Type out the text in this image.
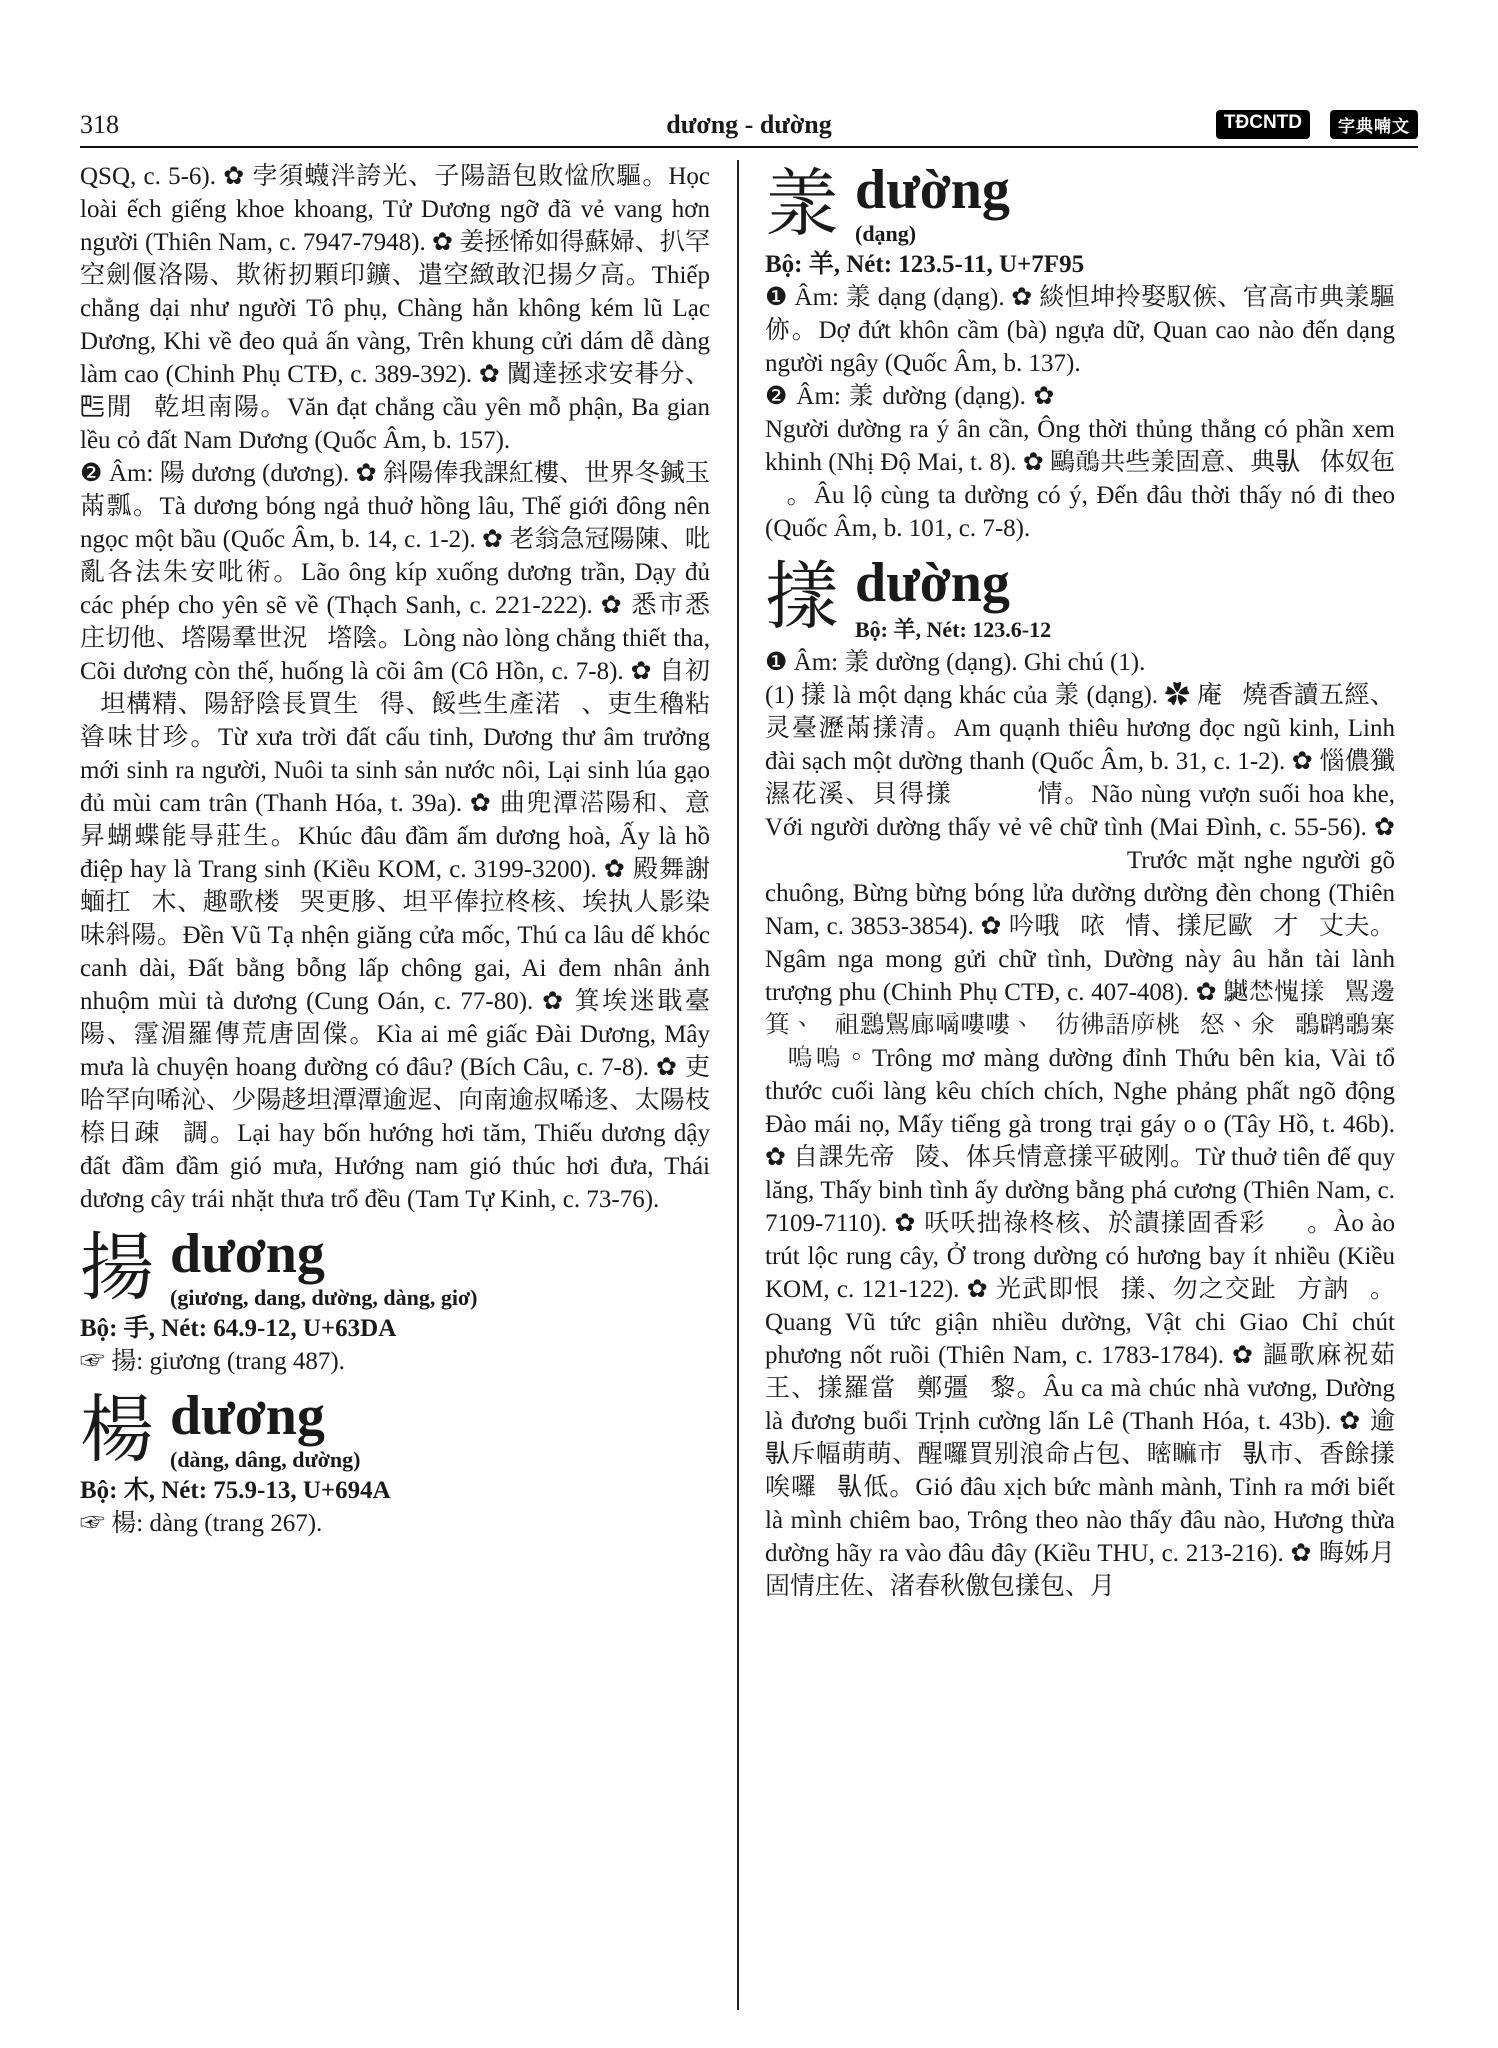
318	dương - dường	TĐCNTD	字典喃文

QSQ, c. 5-6). ✿ 孛須蠛泮誇光、子陽語包敗𢞂欣驅。Học loài ếch giếng khoe khoang, Tử Dương ngỡ đã vẻ vang hơn người (Thiên Nam, c. 7947-7948). ✿ 姜拯悕如得蘇婦、扒罕空劍偃洛陽、欺術扨顆印鑛、遣空緻敢氾揚夕高。Thiếp chẳng dại như người Tô phụ, Chàng hẳn không kém lũ Lạc Dương, Khi về đeo quả ấn vàng, Trên khung cửi dám dễ dàng làm cao (Chinh Phụ CTĐ, c. 389-392). ✿ 闐達拯求安朞分、𠀧閒𠓨乾坦南陽。Văn đạt chẳng cầu yên mỗ phận, Ba gian lều cỏ đất Nam Dương (Quốc Âm, b. 157).

❷ Âm: 陽 dương (dương). ✿ 斜陽俸我課紅樓、世界冬鍼玉㒼瓢。Tà dương bóng ngả thuở hồng lâu, Thế giới đông nên ngọc một bầu (Quốc Âm, b. 14, c. 1-2). ✿ 老翁急冠陽陳、吡亂各法朱安吡術。Lão ông kíp xuống dương trần, Dạy đủ các phép cho yên sẽ về (Thạch Sanh, c. 221-222). ✿ 悉市悉庄切他、㙮陽羣世況𢬣㙮陰。Lòng nào lòng chẳng thiết tha, Cõi dương còn thế, huống là cõi âm (Cô Hồn, c. 7-8). ✿ 自初𡗶坦構精、陽舒陰長買生𠊛得、餒些生產渃𤀛、吏生穭粘㽏味甘珍。Từ xưa trời đất cấu tinh, Dương thư âm trưởng mới sinh ra người, Nuôi ta sinh sản nước nôi, Lại sinh lúa gạo đủ mùi cam trân (Thanh Hóa, t. 39a). ✿ 曲兜潭𣹓陽和、意昇蝴蝶能㝵莊生。Khúc đâu đầm ấm dương hoà, Ấy là hồ điệp hay là Trang sinh (Kiều KOM, c. 3199-3200). ✿ 殿舞謝蝒扛𦛌木、趣歌楼𦂾哭更䏧、坦平俸拉柊核、埃执人影染味斜陽。Đền Vũ Tạ nhện giăng cửa mốc, Thú ca lâu dế khóc canh dài, Đất bằng bỗng lấp chông gai, Ai đem nhân ảnh nhuộm mùi tà dương (Cung Oán, c. 77-80). ✿ 箕埃迷戢臺陽、霪湄羅傳荒唐固㒉。Kìa ai mê giấc Đài Dương, Mây mưa là chuyện hoang đường có đâu? (Bích Câu, c. 7-8). ✿ 吏哈罕向唏沁、少陽趍坦潭潭逾迡、向南逾叔唏迻、太陽枝㮈日疎𣛨調。Lại hay bốn hướng hơi tăm, Thiếu dương dậy đất đầm đầm gió mưa, Hướng nam gió thúc hơi đưa, Thái dương cây trái nhặt thưa trổ đều (Tam Tự Kinh, c. 73-76).

揚 dương
(giương, dang, dường, dàng, giơ)

Bộ: 手, Nét: 64.9-12, U+63DA

☞ 揚: giương (trang 487).

楊 dương
(dàng, dâng, dường)

Bộ: 木, Nét: 75.9-13, U+694A

☞ 楊: dàng (trang 267).

羕 dường
(dạng)

Bộ: 羊, Nét: 123.5-11, U+7F95

❶ Âm: 羕 dạng (dạng). ✿ 緂怛坤拎娶馭㑵、官高市典羕驅㑊。Dợ đứt khôn cầm (bà) ngựa dữ, Quan cao nào đến dạng người ngây (Quốc Âm, b. 137).

❷ Âm: 羕 dường (dạng). ✿ 𢬣羕𩪽意殷勤、翁時踵倘固分貼輕。Người dường ra ý ân cần, Ông thời thủng thẳng có phần xem khinh (Nhị Độ Mai, t. 8). ✿ 鷗𪄌共些羕固意、典𠊛𨀈体奴㐌𤇊。Âu lộ cùng ta dường có ý, Đến đâu thời thấy nó đi theo (Quốc Âm, b. 101, c. 7-8).

㨾 dường
Bộ: 羊, Nét: 123.6-12

❶ Âm: 羕 dường (dạng). Ghi chú (1).

(1) 㨾 là một dạng khác của 羕 (dạng). ✿ 庵𡙧燒香讀五經、灵臺瀝㒼㨾清。Am quạnh thiêu hương đọc ngũ kinh, Linh đài sạch một dường thanh (Quốc Âm, b. 31, c. 1-2). ✿ 惱儂㺤濕花溪、貝得㨾𧡊𦝄𠶋𡨸情。Não nùng vượn suối hoa khe, Với người dường thấy vẻ vê chữ tình (Mai Đình, c. 55-56). ✿ 𨎟𦄵𤶑驅拈鐘、炐炐𦝄焒㨾㨾畑燐。Trước mặt nghe người gõ chuông, Bừng bừng bóng lửa dường dường đèn chong (Thiên Nam, c. 3853-3854). ✿ 吟哦𡗶𠲖𡨸情、㨾尼歐𠰚才𫱯丈夫。Ngâm nga mong gửi chữ tình, Dường này âu hẳn tài lành trượng phu (Chinh Phụ CTĐ, c. 407-408). ✿ 𪆧𢛓𢢯㨾𡶀𪃹邊箕、𠳨祖𪅴𪃹廊嘀嘍嘍、𡌽彷彿語㡿桃𡗶怒、氽𠵩𪃿䴙𪃿寨𠵩嗚嗚。Trông mơ màng dường đỉnh Thứu bên kia, Vài tổ thước cuối làng kêu chích chích, Nghe phảng phất ngõ động Đào mái nọ, Mấy tiếng gà trong trại gáy o o (Tây Hồ, t. 46b). ✿ 自課先帝𠀲陵、体兵情意㨾平破刚。Từ thuở tiên đế quy lăng, Thấy binh tình ấy dường bằng phá cương (Thiên Nam, c. 7109-7110). ✿ 㕭㕭拙祿柊核、於䜋㨾固香彩𨁥𩵜。Ào ào trút lộc rung cây, Ở trong dường có hương bay ít nhiều (Kiều KOM, c. 121-122). ✿ 光武即恨𩵜㨾、勿之交趾𤠄方訥𧋆。Quang Vũ tức giận nhiều dường, Vật chi Giao Chỉ chút phương nốt ruồi (Thiên Nam, c. 1783-1784). ✿ 謳歌麻祝茹王、㨾羅當𣉹鄭彊𨔈黎。Âu ca mà chúc nhà vương, Dường là đương buổi Trịnh cường lấn Lê (Thanh Hóa, t. 43b). ✿ 逾𠊛斥幅萌萌、醒囉買别浪命占包、𥉴𥊚市𧡊𠊛市、香餘㨾唉囉𠓨𠊛低。Gió đâu xịch bức mành mành, Tỉnh ra mới biết là mình chiêm bao, Trông theo nào thấy đâu nào, Hương thừa dường hãy ra vào đâu đây (Kiều THU, c. 213-216). ✿ 晦姊月固情庄佐、渚春秋儌包㨾包、月
